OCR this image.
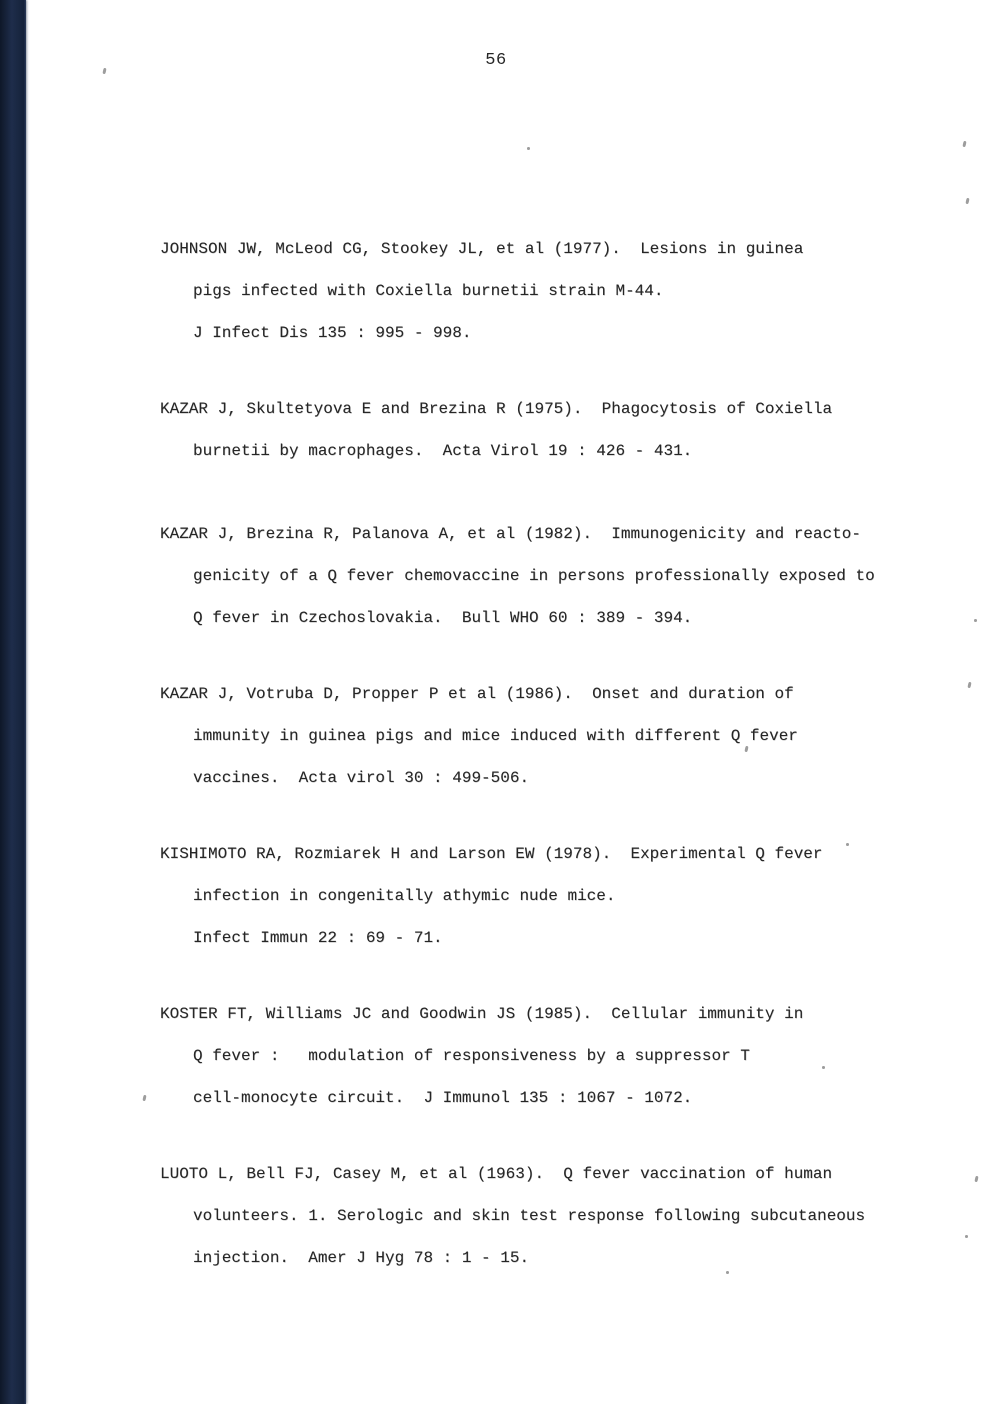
56
JOHNSON JW, McLeod CG, Stookey JL, et al (1977).  Lesions in guinea
pigs infected with Coxiella burnetii strain M-44.
J Infect Dis 135 : 995 - 998.
KAZAR J, Skultetyova E and Brezina R (1975).  Phagocytosis of Coxiella
burnetii by macrophages.  Acta Virol 19 : 426 - 431.
KAZAR J, Brezina R, Palanova A, et al (1982).  Immunogenicity and reacto-
genicity of a Q fever chemovaccine in persons professionally exposed to
Q fever in Czechoslovakia.  Bull WHO 60 : 389 - 394.
KAZAR J, Votruba D, Propper P et al (1986).  Onset and duration of
immunity in guinea pigs and mice induced with different Q fever
vaccines.  Acta virol 30 : 499-506.
KISHIMOTO RA, Rozmiarek H and Larson EW (1978).  Experimental Q fever
infection in congenitally athymic nude mice.
Infect Immun 22 : 69 - 71.
KOSTER FT, Williams JC and Goodwin JS (1985).  Cellular immunity in
Q fever :   modulation of responsiveness by a suppressor T
cell-monocyte circuit.  J Immunol 135 : 1067 - 1072.
LUOTO L, Bell FJ, Casey M, et al (1963).  Q fever vaccination of human
volunteers. 1. Serologic and skin test response following subcutaneous
injection.  Amer J Hyg 78 : 1 - 15.
